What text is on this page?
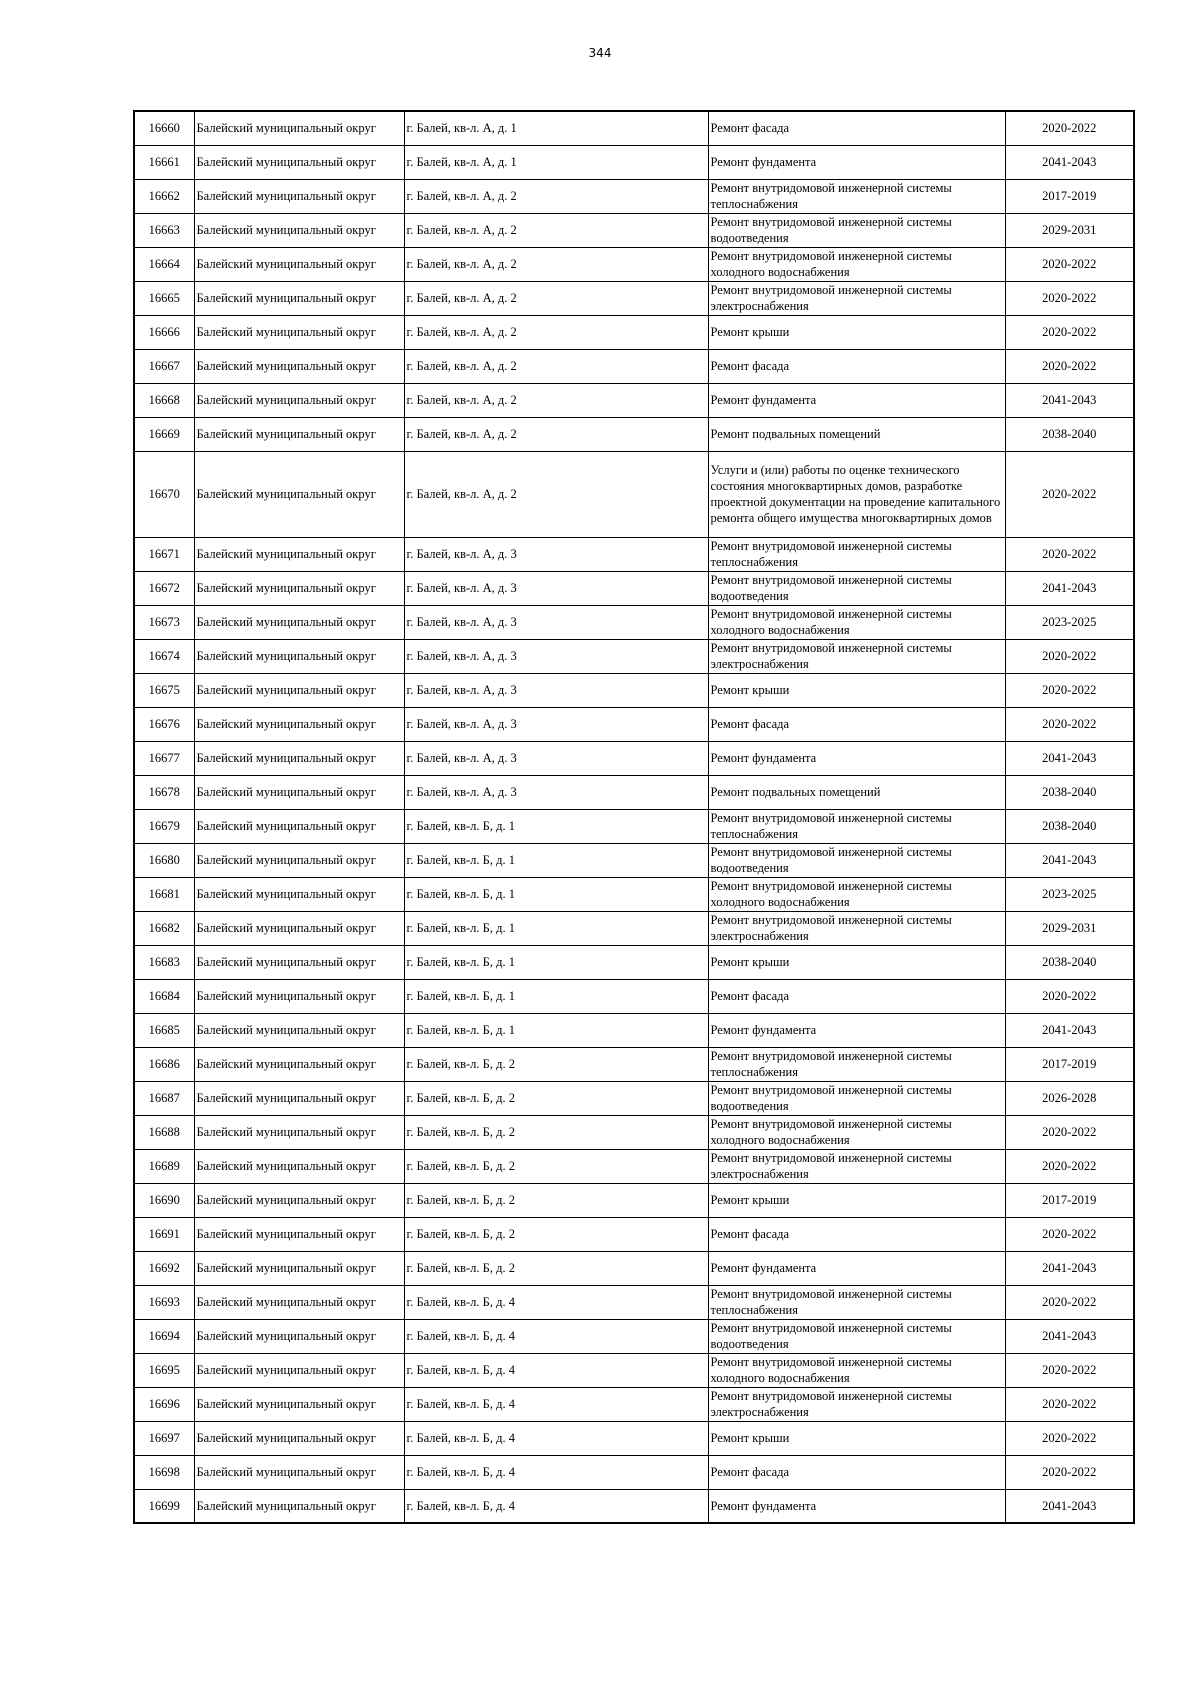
344
16660	Балейский муниципальный округ	г. Балей, кв-л. А, д. 1	Ремонт фасада	2020-2022
16661	Балейский муниципальный округ	г. Балей, кв-л. А, д. 1	Ремонт фундамента	2041-2043
16662	Балейский муниципальный округ	г. Балей, кв-л. А, д. 2	Ремонт внутридомовой инженерной системы теплоснабжения	2017-2019
16663	Балейский муниципальный округ	г. Балей, кв-л. А, д. 2	Ремонт внутридомовой инженерной системы водоотведения	2029-2031
16664	Балейский муниципальный округ	г. Балей, кв-л. А, д. 2	Ремонт внутридомовой инженерной системы холодного водоснабжения	2020-2022
16665	Балейский муниципальный округ	г. Балей, кв-л. А, д. 2	Ремонт внутридомовой инженерной системы электроснабжения	2020-2022
16666	Балейский муниципальный округ	г. Балей, кв-л. А, д. 2	Ремонт крыши	2020-2022
16667	Балейский муниципальный округ	г. Балей, кв-л. А, д. 2	Ремонт фасада	2020-2022
16668	Балейский муниципальный округ	г. Балей, кв-л. А, д. 2	Ремонт фундамента	2041-2043
16669	Балейский муниципальный округ	г. Балей, кв-л. А, д. 2	Ремонт подвальных помещений	2038-2040
16670	Балейский муниципальный округ	г. Балей, кв-л. А, д. 2	Услуги и (или) работы по оценке технического состояния многоквартирных домов, разработке проектной документации на проведение капитального ремонта общего имущества многоквартирных домов	2020-2022
16671	Балейский муниципальный округ	г. Балей, кв-л. А, д. 3	Ремонт внутридомовой инженерной системы теплоснабжения	2020-2022
16672	Балейский муниципальный округ	г. Балей, кв-л. А, д. 3	Ремонт внутридомовой инженерной системы водоотведения	2041-2043
16673	Балейский муниципальный округ	г. Балей, кв-л. А, д. 3	Ремонт внутридомовой инженерной системы холодного водоснабжения	2023-2025
16674	Балейский муниципальный округ	г. Балей, кв-л. А, д. 3	Ремонт внутридомовой инженерной системы электроснабжения	2020-2022
16675	Балейский муниципальный округ	г. Балей, кв-л. А, д. 3	Ремонт крыши	2020-2022
16676	Балейский муниципальный округ	г. Балей, кв-л. А, д. 3	Ремонт фасада	2020-2022
16677	Балейский муниципальный округ	г. Балей, кв-л. А, д. 3	Ремонт фундамента	2041-2043
16678	Балейский муниципальный округ	г. Балей, кв-л. А, д. 3	Ремонт подвальных помещений	2038-2040
16679	Балейский муниципальный округ	г. Балей, кв-л. Б, д. 1	Ремонт внутридомовой инженерной системы теплоснабжения	2038-2040
16680	Балейский муниципальный округ	г. Балей, кв-л. Б, д. 1	Ремонт внутридомовой инженерной системы водоотведения	2041-2043
16681	Балейский муниципальный округ	г. Балей, кв-л. Б, д. 1	Ремонт внутридомовой инженерной системы холодного водоснабжения	2023-2025
16682	Балейский муниципальный округ	г. Балей, кв-л. Б, д. 1	Ремонт внутридомовой инженерной системы электроснабжения	2029-2031
16683	Балейский муниципальный округ	г. Балей, кв-л. Б, д. 1	Ремонт крыши	2038-2040
16684	Балейский муниципальный округ	г. Балей, кв-л. Б, д. 1	Ремонт фасада	2020-2022
16685	Балейский муниципальный округ	г. Балей, кв-л. Б, д. 1	Ремонт фундамента	2041-2043
16686	Балейский муниципальный округ	г. Балей, кв-л. Б, д. 2	Ремонт внутридомовой инженерной системы теплоснабжения	2017-2019
16687	Балейский муниципальный округ	г. Балей, кв-л. Б, д. 2	Ремонт внутридомовой инженерной системы водоотведения	2026-2028
16688	Балейский муниципальный округ	г. Балей, кв-л. Б, д. 2	Ремонт внутридомовой инженерной системы холодного водоснабжения	2020-2022
16689	Балейский муниципальный округ	г. Балей, кв-л. Б, д. 2	Ремонт внутридомовой инженерной системы электроснабжения	2020-2022
16690	Балейский муниципальный округ	г. Балей, кв-л. Б, д. 2	Ремонт крыши	2017-2019
16691	Балейский муниципальный округ	г. Балей, кв-л. Б, д. 2	Ремонт фасада	2020-2022
16692	Балейский муниципальный округ	г. Балей, кв-л. Б, д. 2	Ремонт фундамента	2041-2043
16693	Балейский муниципальный округ	г. Балей, кв-л. Б, д. 4	Ремонт внутридомовой инженерной системы теплоснабжения	2020-2022
16694	Балейский муниципальный округ	г. Балей, кв-л. Б, д. 4	Ремонт внутридомовой инженерной системы водоотведения	2041-2043
16695	Балейский муниципальный округ	г. Балей, кв-л. Б, д. 4	Ремонт внутридомовой инженерной системы холодного водоснабжения	2020-2022
16696	Балейский муниципальный округ	г. Балей, кв-л. Б, д. 4	Ремонт внутридомовой инженерной системы электроснабжения	2020-2022
16697	Балейский муниципальный округ	г. Балей, кв-л. Б, д. 4	Ремонт крыши	2020-2022
16698	Балейский муниципальный округ	г. Балей, кв-л. Б, д. 4	Ремонт фасада	2020-2022
16699	Балейский муниципальный округ	г. Балей, кв-л. Б, д. 4	Ремонт фундамента	2041-2043
